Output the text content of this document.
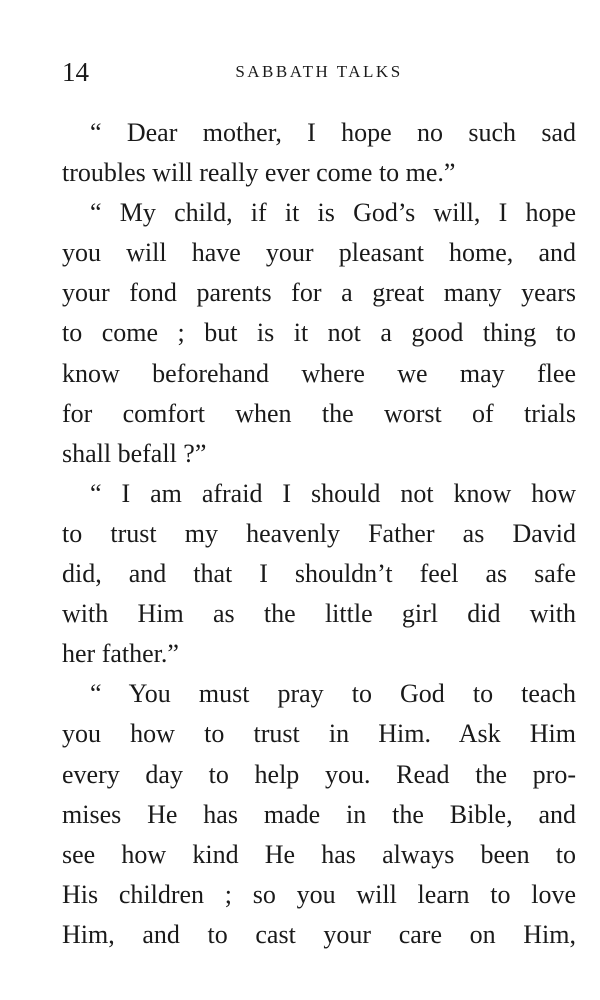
14	SABBATH TALKS
“ Dear mother, I hope no such sad
troubles will really ever come to me.”
“ My child, if it is God’s will, I hope
you will have your pleasant home, and
your fond parents for a great many years
to come ; but is it not a good thing to
know beforehand where we may flee
for comfort when the worst of trials
shall befall ?”
“ I am afraid I should not know how
to trust my heavenly Father as David
did, and that I shouldn’t feel as safe
with Him as the little girl did with
her father.”
“ You must pray to God to teach
you how to trust in Him. Ask Him
every day to help you. Read the pro-
mises He has made in the Bible, and
see how kind He has always been to
His children ; so you will learn to love
Him, and to cast your care on Him,
